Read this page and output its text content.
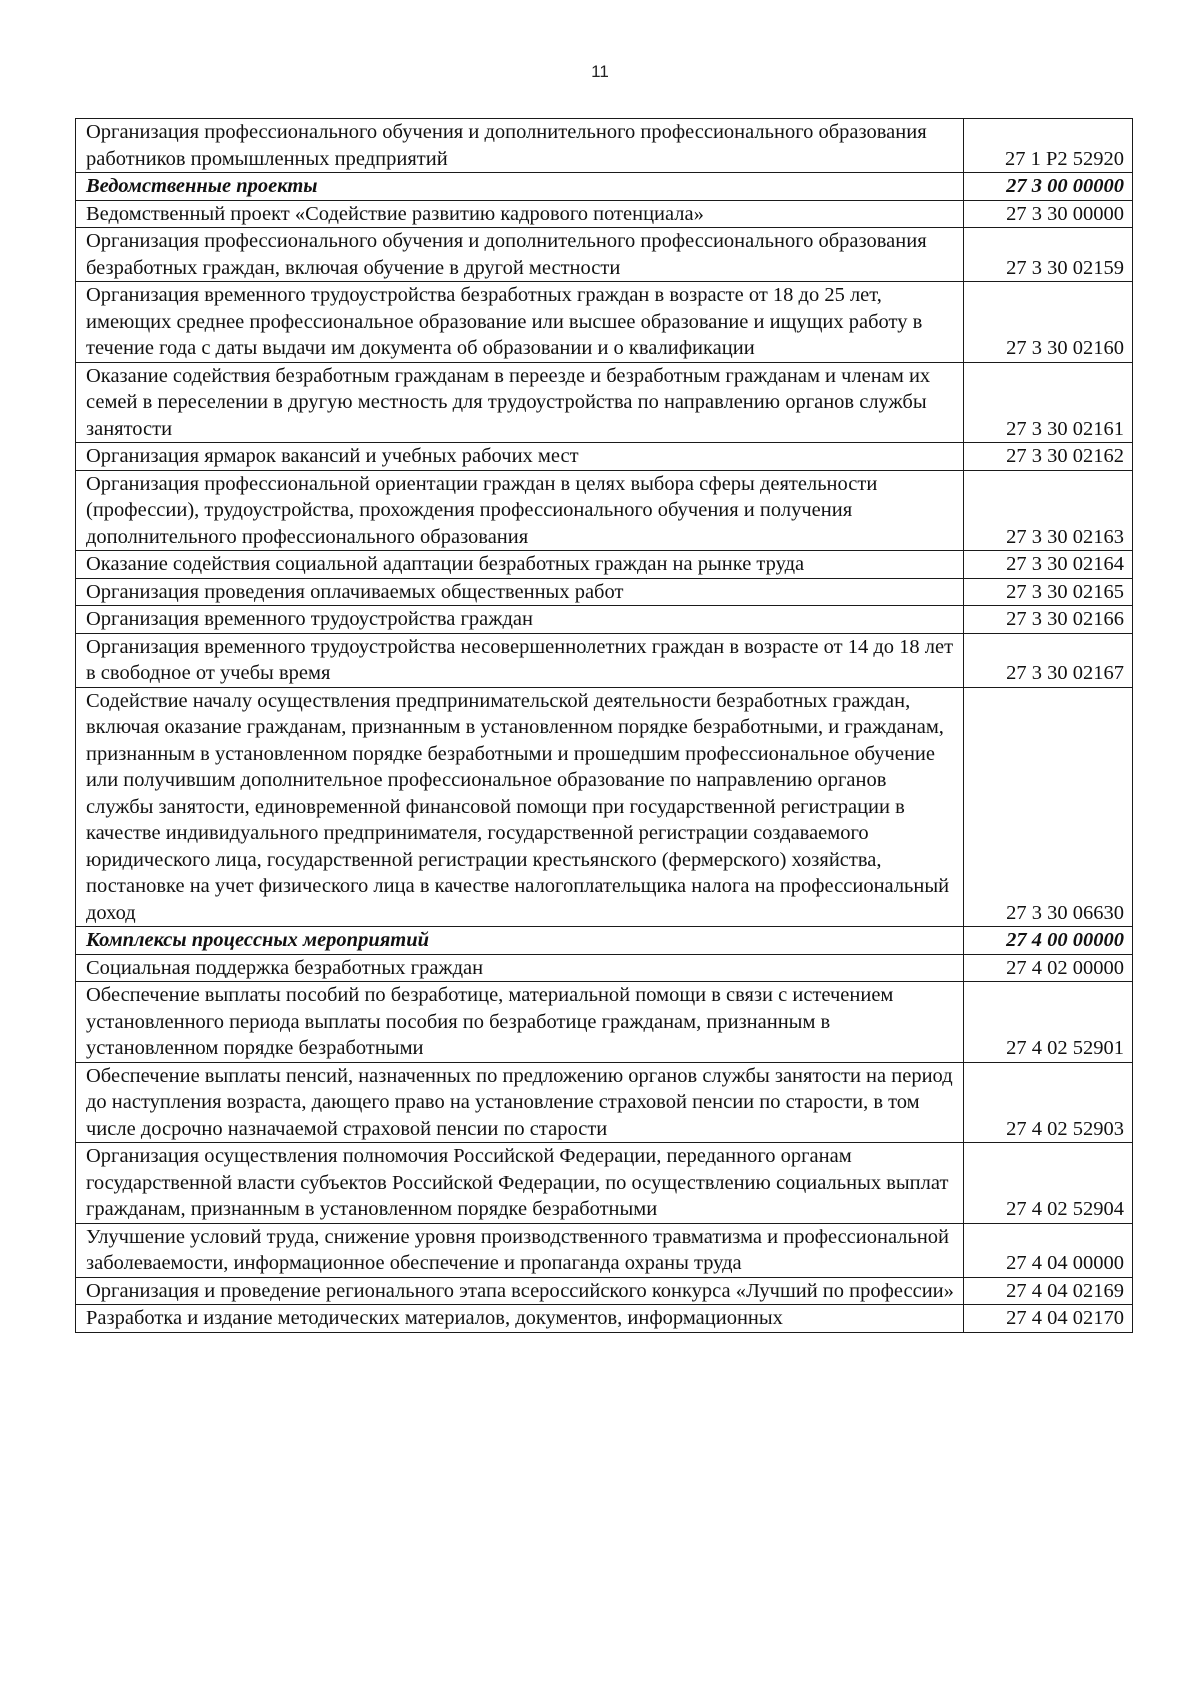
11
Организация профессионального обучения и дополнительного профессионального образования работников промышленных предприятий	27 1 Р2 52920
Ведомственные проекты	27 3 00 00000
Ведомственный проект «Содействие развитию кадрового потенциала»	27 3 30 00000
Организация профессионального обучения и дополнительного профессионального образования безработных граждан, включая обучение в другой местности	27 3 30 02159
Организация временного трудоустройства безработных граждан в возрасте от 18 до 25 лет, имеющих среднее профессиональное образование или высшее образование и ищущих работу в течение года с даты выдачи им документа об образовании и о квалификации	27 3 30 02160
Оказание содействия безработным гражданам в переезде и безработным гражданам и членам их семей в переселении в другую местность для трудоустройства по направлению органов службы занятости	27 3 30 02161
Организация ярмарок вакансий и учебных рабочих мест	27 3 30 02162
Организация профессиональной ориентации граждан в целях выбора сферы деятельности (профессии), трудоустройства, прохождения профессионального обучения и получения дополнительного профессионального образования	27 3 30 02163
Оказание содействия социальной адаптации безработных граждан на рынке труда	27 3 30 02164
Организация проведения оплачиваемых общественных работ	27 3 30 02165
Организация временного трудоустройства граждан	27 3 30 02166
Организация временного трудоустройства несовершеннолетних граждан в возрасте от 14 до 18 лет в свободное от учебы время	27 3 30 02167
Содействие началу осуществления предпринимательской деятельности безработных граждан, включая оказание гражданам, признанным в установленном порядке безработными, и гражданам, признанным в установленном порядке безработными и прошедшим профессиональное обучение или получившим дополнительное профессиональное образование по направлению органов службы занятости, единовременной финансовой помощи при государственной регистрации в качестве индивидуального предпринимателя, государственной регистрации создаваемого юридического лица, государственной регистрации крестьянского (фермерского) хозяйства, постановке на учет физического лица в качестве налогоплательщика налога на профессиональный доход	27 3 30 06630
Комплексы процессных мероприятий	27 4 00 00000
Социальная поддержка безработных граждан	27 4 02 00000
Обеспечение выплаты пособий по безработице, материальной помощи в связи с истечением установленного периода выплаты пособия по безработице гражданам, признанным в установленном порядке безработными	27 4 02 52901
Обеспечение выплаты пенсий, назначенных по предложению органов службы занятости на период до наступления возраста, дающего право на установление страховой пенсии по старости, в том числе досрочно назначаемой страховой пенсии по старости	27 4 02 52903
Организация осуществления полномочия Российской Федерации, переданного органам государственной власти субъектов Российской Федерации, по осуществлению социальных выплат гражданам, признанным в установленном порядке безработными	27 4 02 52904
Улучшение условий труда, снижение уровня производственного травматизма и профессиональной заболеваемости, информационное обеспечение и пропаганда охраны труда	27 4 04 00000
Организация и проведение регионального этапа всероссийского конкурса «Лучший по профессии»	27 4 04 02169
Разработка и издание методических материалов, документов, информационных	27 4 04 02170
